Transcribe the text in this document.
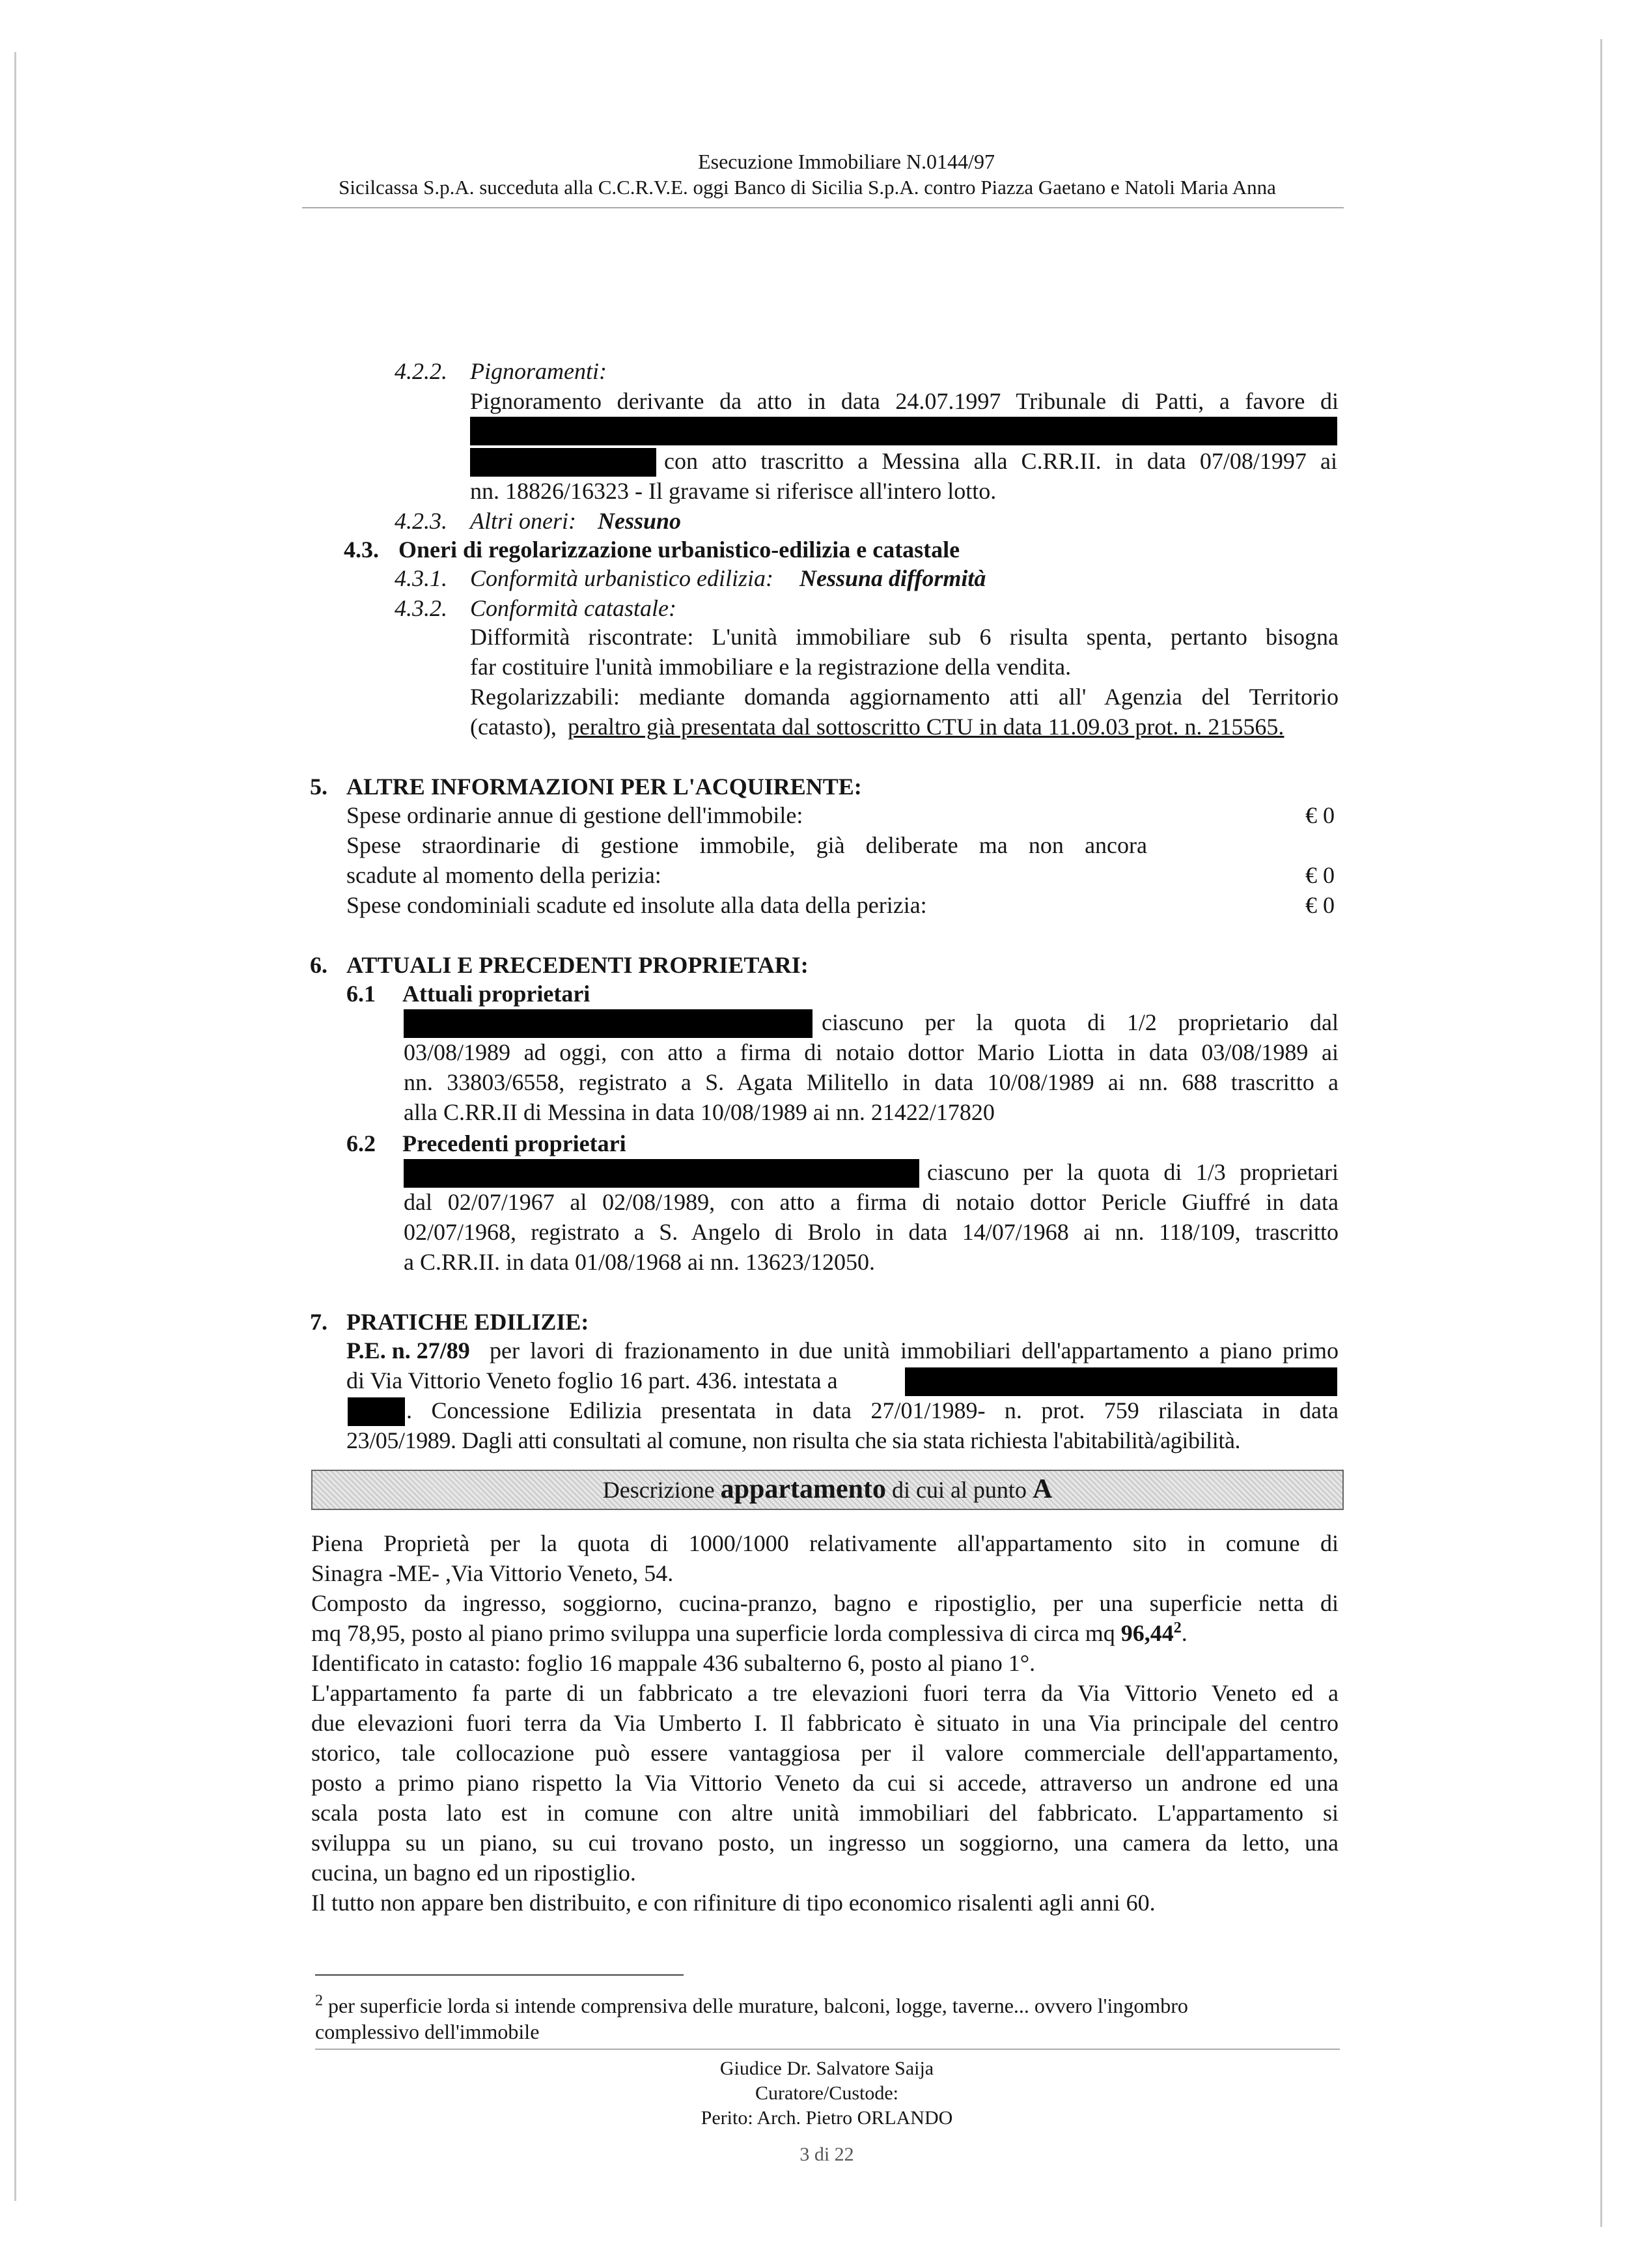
Esecuzione Immobiliare N.0144/97
Sicilcassa S.p.A. succeduta alla C.C.R.V.E. oggi Banco di Sicilia S.p.A. contro Piazza Gaetano e Natoli Maria Anna
4.2.2. Pignoramenti:
Pignoramento derivante da atto in data 24.07.1997 Tribunale di Patti, a favore di
con atto trascritto a Messina alla C.RR.II. in data 07/08/1997 ai
nn. 18826/16323 - Il gravame si riferisce all'intero lotto.
4.2.3. Altri oneri: Nessuno
4.3. Oneri di regolarizzazione urbanistico-edilizia e catastale
4.3.1. Conformità urbanistico edilizia: Nessuna difformità
4.3.2. Conformità catastale:
Difformità riscontrate: L'unità immobiliare sub 6 risulta spenta, pertanto bisogna
far costituire l'unità immobiliare e la registrazione della vendita.
Regolarizzabili: mediante domanda aggiornamento atti all' Agenzia del Territorio
(catasto), peraltro già presentata dal sottoscritto CTU in data 11.09.03 prot. n. 215565.
5. ALTRE INFORMAZIONI PER L'ACQUIRENTE:
Spese ordinarie annue di gestione dell'immobile:	€ 0
Spese straordinarie di gestione immobile, già deliberate ma non ancora
scadute al momento della perizia:	€ 0
Spese condominiali scadute ed insolute alla data della perizia:	€ 0
6. ATTUALI E PRECEDENTI PROPRIETARI:
6.1 Attuali proprietari
ciascuno per la quota di 1/2 proprietario dal
03/08/1989 ad oggi, con atto a firma di notaio dottor Mario Liotta in data 03/08/1989 ai
nn. 33803/6558, registrato a S. Agata Militello in data 10/08/1989 ai nn. 688 trascritto a
alla C.RR.II di Messina in data 10/08/1989 ai nn. 21422/17820
6.2 Precedenti proprietari
ciascuno per la quota di 1/3 proprietari
dal 02/07/1967 al 02/08/1989, con atto a firma di notaio dottor Pericle Giuffré in data
02/07/1968, registrato a S. Angelo di Brolo in data 14/07/1968 ai nn. 118/109, trascritto
a C.RR.II. in data 01/08/1968 ai nn. 13623/12050.
7. PRATICHE EDILIZIE:
P.E. n. 27/89 per lavori di frazionamento in due unità immobiliari dell'appartamento a piano primo
di Via Vittorio Veneto foglio 16 part. 436. intestata a
. Concessione Edilizia presentata in data 27/01/1989- n. prot. 759 rilasciata in data
23/05/1989. Dagli atti consultati al comune, non risulta che sia stata richiesta l'abitabilità/agibilità.
Descrizione appartamento di cui al punto A
Piena Proprietà per la quota di 1000/1000 relativamente all'appartamento sito in comune di
Sinagra -ME- ,Via Vittorio Veneto, 54.
Composto da ingresso, soggiorno, cucina-pranzo, bagno e ripostiglio, per una superficie netta di
mq 78,95, posto al piano primo sviluppa una superficie lorda complessiva di circa mq 96,44$^2$.
Identificato in catasto: foglio 16 mappale 436 subalterno 6, posto al piano 1°.
L'appartamento fa parte di un fabbricato a tre elevazioni fuori terra da Via Vittorio Veneto ed a
due elevazioni fuori terra da Via Umberto I. Il fabbricato è situato in una Via principale del centro
storico, tale collocazione può essere vantaggiosa per il valore commerciale dell'appartamento,
posto a primo piano rispetto la Via Vittorio Veneto da cui si accede, attraverso un androne ed una
scala posta lato est in comune con altre unità immobiliari del fabbricato. L'appartamento si
sviluppa su un piano, su cui trovano posto, un ingresso un soggiorno, una camera da letto, una
cucina, un bagno ed un ripostiglio.
Il tutto non appare ben distribuito, e con rifiniture di tipo economico risalenti agli anni 60.
$^2$ per superficie lorda si intende comprensiva delle murature, balconi, logge, taverne... ovvero l'ingombro
complessivo dell'immobile
Giudice Dr. Salvatore Saija
Curatore/Custode:
Perito: Arch. Pietro ORLANDO
3 di 22
